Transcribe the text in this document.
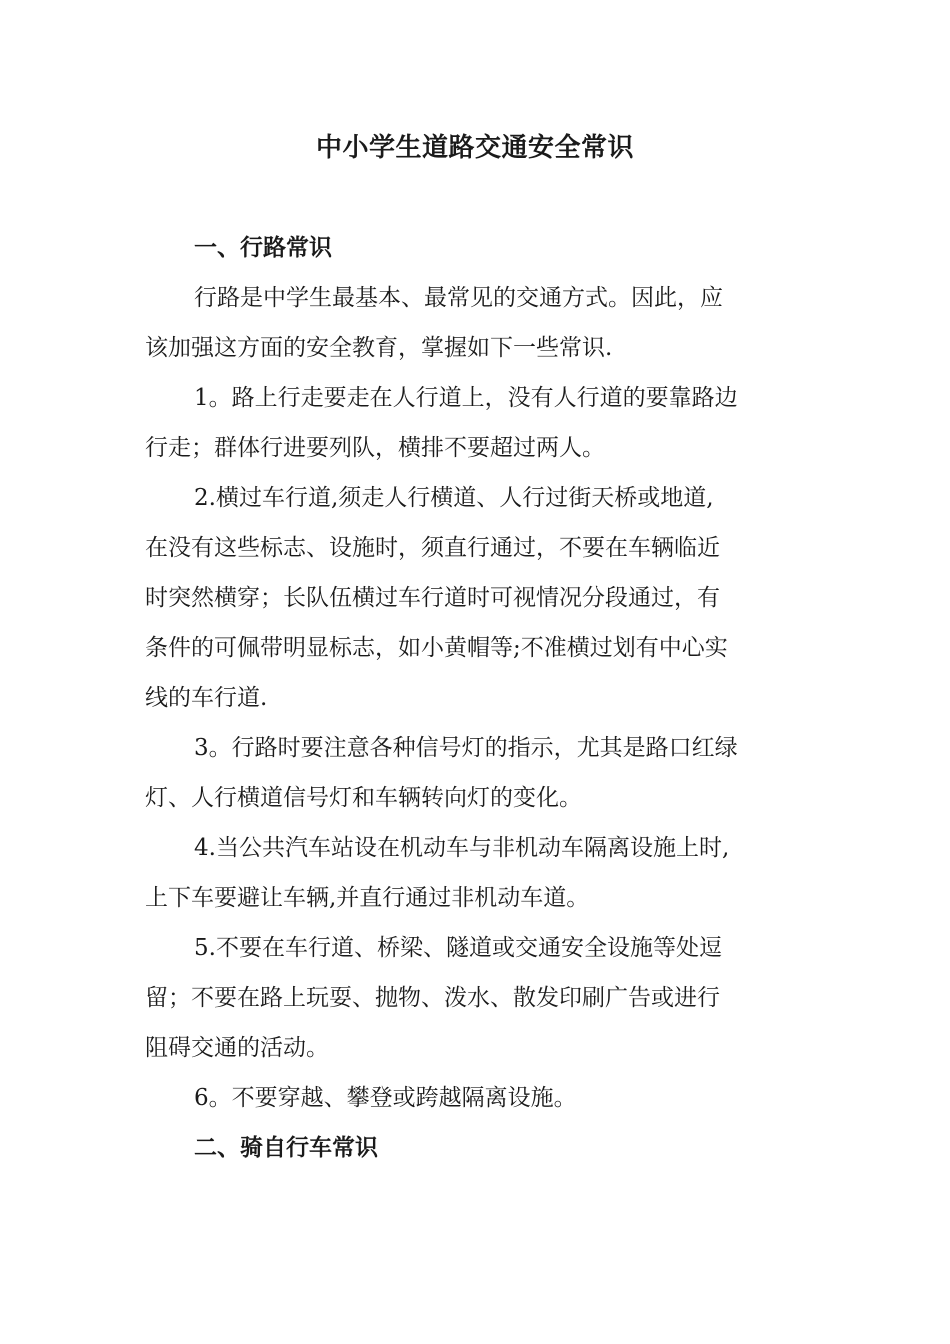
中小学生道路交通安全常识
一、行路常识
行路是中学生最基本、最常见的交通方式。因此，应
该加强这方面的安全教育，掌握如下一些常识.
1。路上行走要走在人行道上，没有人行道的要靠路边
行走；群体行进要列队，横排不要超过两人。
2.横过车行道,须走人行横道、人行过街天桥或地道,
在没有这些标志、设施时，须直行通过，不要在车辆临近
时突然横穿；长队伍横过车行道时可视情况分段通过，有
条件的可佩带明显标志，如小黄帽等;不准横过划有中心实
线的车行道.
3。行路时要注意各种信号灯的指示，尤其是路口红绿
灯、人行横道信号灯和车辆转向灯的变化。
4.当公共汽车站设在机动车与非机动车隔离设施上时,
上下车要避让车辆,并直行通过非机动车道。
5.不要在车行道、桥梁、隧道或交通安全设施等处逗
留；不要在路上玩耍、抛物、泼水、散发印刷广告或进行
阻碍交通的活动。
6。不要穿越、攀登或跨越隔离设施。
二、骑自行车常识
